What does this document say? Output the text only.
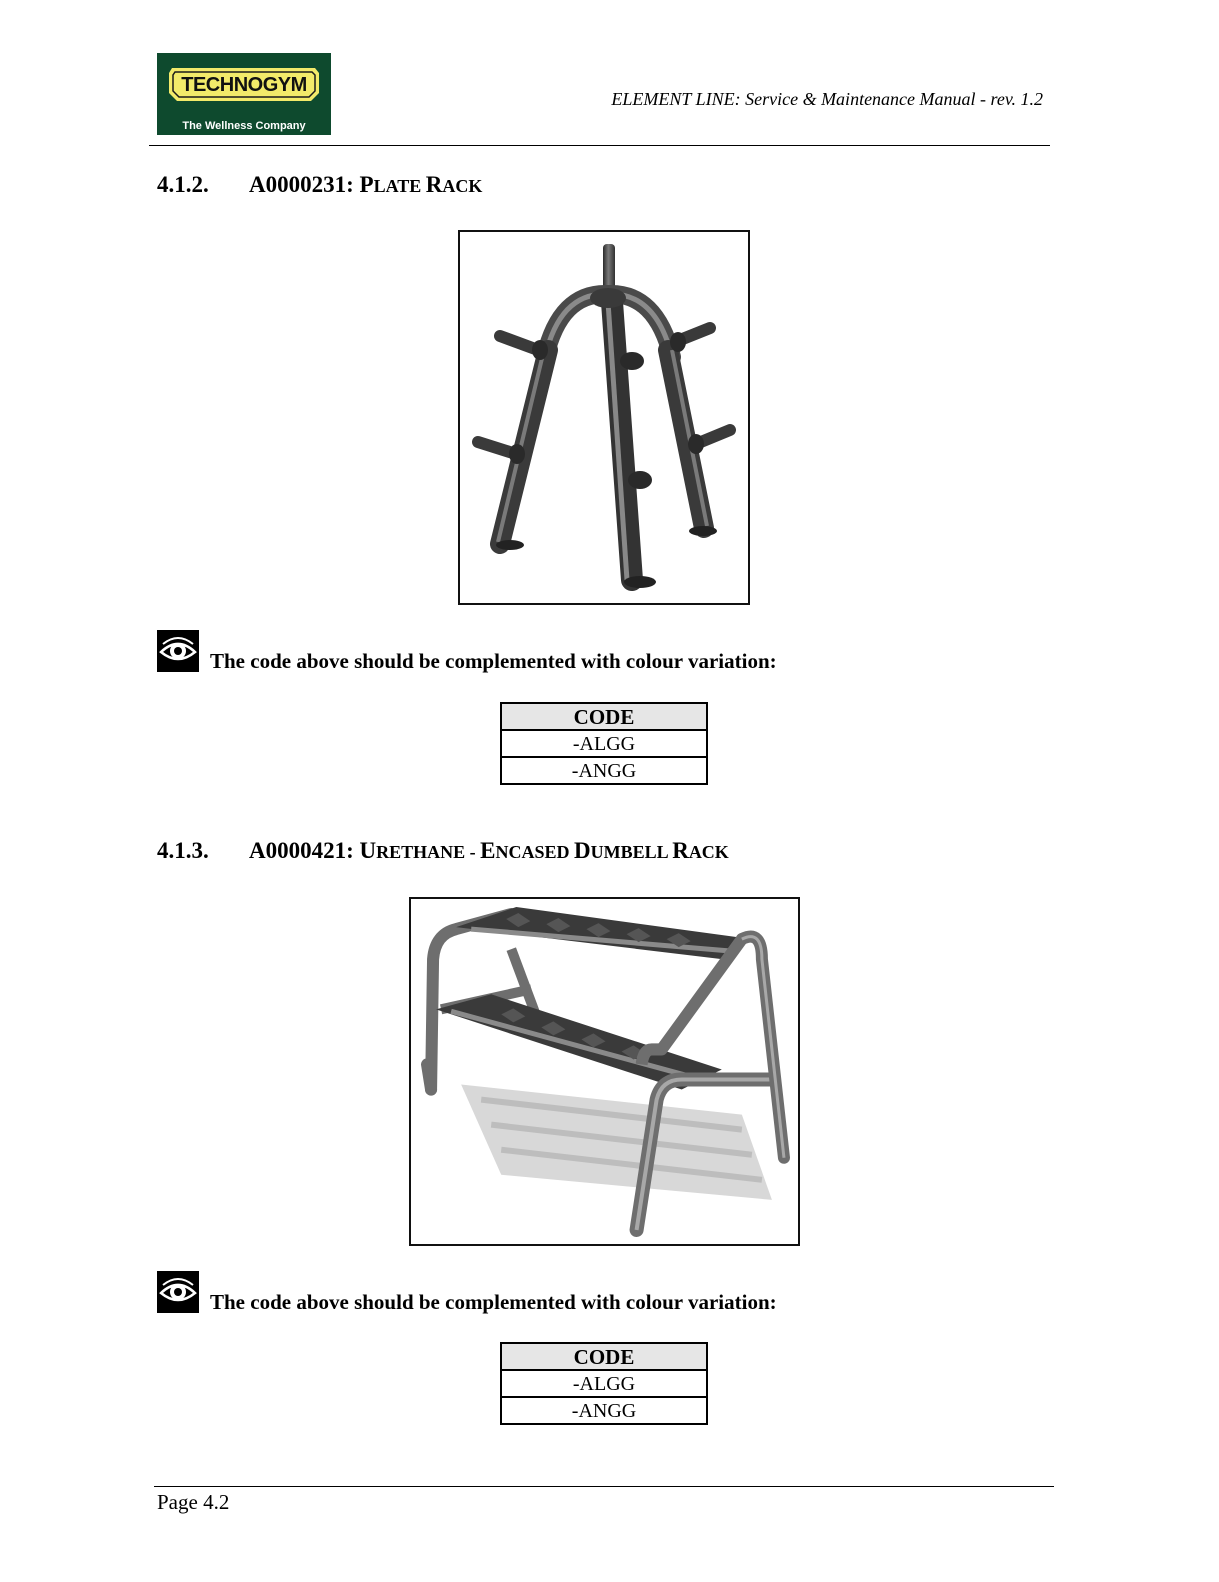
TECHNOGYM
The Wellness Company
ELEMENT LINE: Service & Maintenance Manual - rev. 1.2
4.1.2. A0000231: PLATE RACK
The code above should be complemented with colour variation:
CODE
-ALGG
-ANGG
4.1.3. A0000421: URETHANE - ENCASED DUMBELL RACK
The code above should be complemented with colour variation:
CODE
-ALGG
-ANGG
Page 4.2
